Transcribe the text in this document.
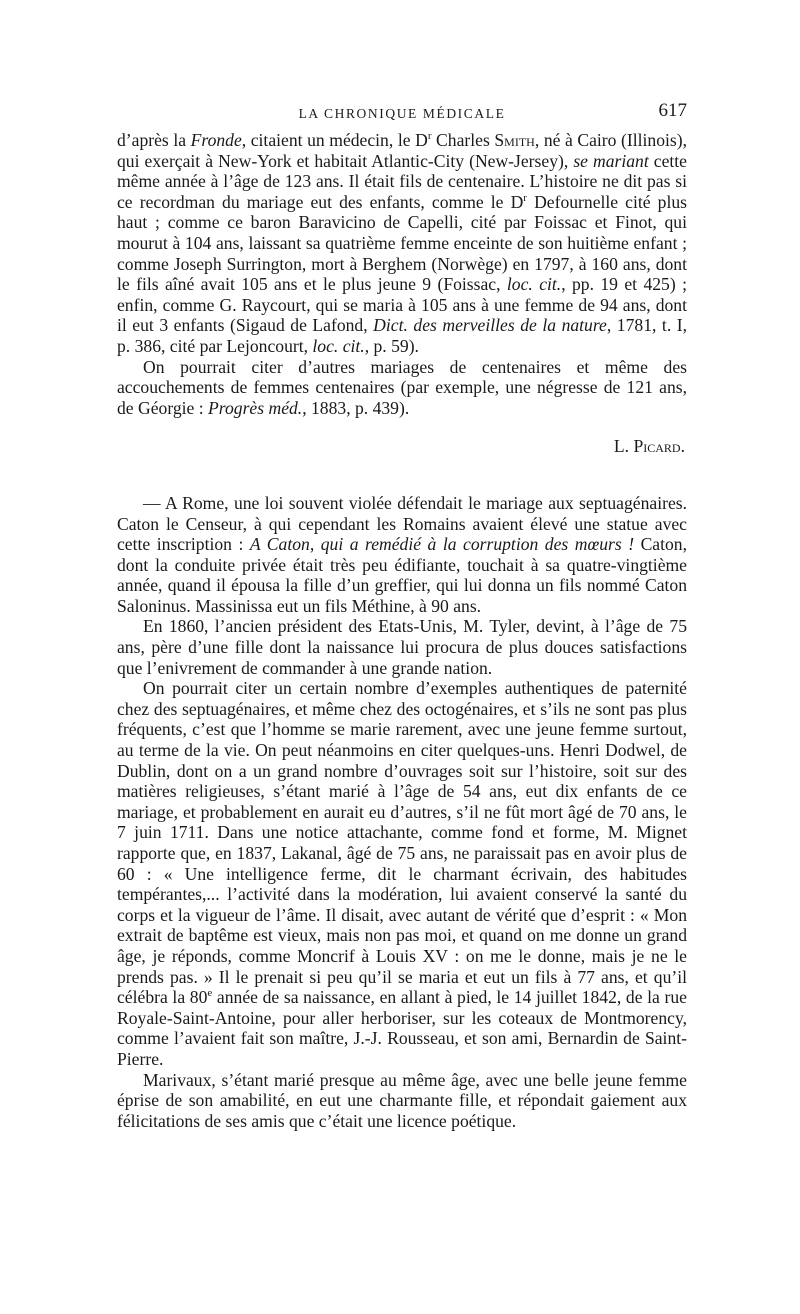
LA CHRONIQUE MÉDICALE	617

d’après la Fronde, citaient un médecin, le $D^r$ Charles Smith, né à Cairo (Illinois), qui exerçait à New-York et habitait Atlantic-City (New-Jersey), se mariant cette même année à l’âge de 123 ans. Il était fils de centenaire. L’histoire ne dit pas si ce recordman du mariage eut des enfants, comme le $D^r$ Defournelle cité plus haut ; comme ce baron Baravicino de Capelli, cité par Foissac et Finot, qui mourut à 104 ans, laissant sa quatrième femme enceinte de son huitième enfant ; comme Joseph Surrington, mort à Berghem (Norwège) en 1797, à 160 ans, dont le fils aîné avait 105 ans et le plus jeune 9 (Foissac, loc. cit., pp. 19 et 425) ; enfin, comme G. Raycourt, qui se maria à 105 ans à une femme de 94 ans, dont il eut 3 enfants (Sigaud de Lafond, Dict. des merveilles de la nature, 1781, t. I, p. 386, cité par Lejoncourt, loc. cit., p. 59).

On pourrait citer d’autres mariages de centenaires et même des accouchements de femmes centenaires (par exemple, une négresse de 121 ans, de Géorgie : Progrès méd., 1883, p. 439).

L. Picard.

— A Rome, une loi souvent violée défendait le mariage aux septuagénaires. Caton le Censeur, à qui cependant les Romains avaient élevé une statue avec cette inscription : A Caton, qui a remédié à la corruption des mœurs ! Caton, dont la conduite privée était très peu édifiante, touchait à sa quatre-vingtième année, quand il épousa la fille d’un greffier, qui lui donna un fils nommé Caton Saloninus. Massinissa eut un fils Méthine, à 90 ans.

En 1860, l’ancien président des Etats-Unis, M. Tyler, devint, à l’âge de 75 ans, père d’une fille dont la naissance lui procura de plus douces satisfactions que l’enivrement de commander à une grande nation.

On pourrait citer un certain nombre d’exemples authentiques de paternité chez des septuagénaires, et même chez des octogénaires, et s’ils ne sont pas plus fréquents, c’est que l’homme se marie rarement, avec une jeune femme surtout, au terme de la vie. On peut néanmoins en citer quelques-uns. Henri Dodwel, de Dublin, dont on a un grand nombre d’ouvrages soit sur l’histoire, soit sur des matières religieuses, s’étant marié à l’âge de 54 ans, eut dix enfants de ce mariage, et probablement en aurait eu d’autres, s’il ne fût mort âgé de 70 ans, le 7 juin 1711. Dans une notice attachante, comme fond et forme, M. Mignet rapporte que, en 1837, Lakanal, âgé de 75 ans, ne paraissait pas en avoir plus de 60 : « Une intelligence ferme, dit le charmant écrivain, des habitudes tempérantes,... l’activité dans la modération, lui avaient conservé la santé du corps et la vigueur de l’âme. Il disait, avec autant de vérité que d’esprit : « Mon extrait de baptême est vieux, mais non pas moi, et quand on me donne un grand âge, je réponds, comme Moncrif à Louis XV : on me le donne, mais je ne le prends pas. » Il le prenait si peu qu’il se maria et eut un fils à 77 ans, et qu’il célébra la 80e année de sa naissance, en allant à pied, le 14 juillet 1842, de la rue Royale-Saint-Antoine, pour aller herboriser, sur les coteaux de Montmorency, comme l’avaient fait son maître, J.-J. Rousseau, et son ami, Bernardin de Saint-Pierre.

Marivaux, s’étant marié presque au même âge, avec une belle jeune femme éprise de son amabilité, en eut une charmante fille, et répondait gaiement aux félicitations de ses amis que c’était une licence poétique.
